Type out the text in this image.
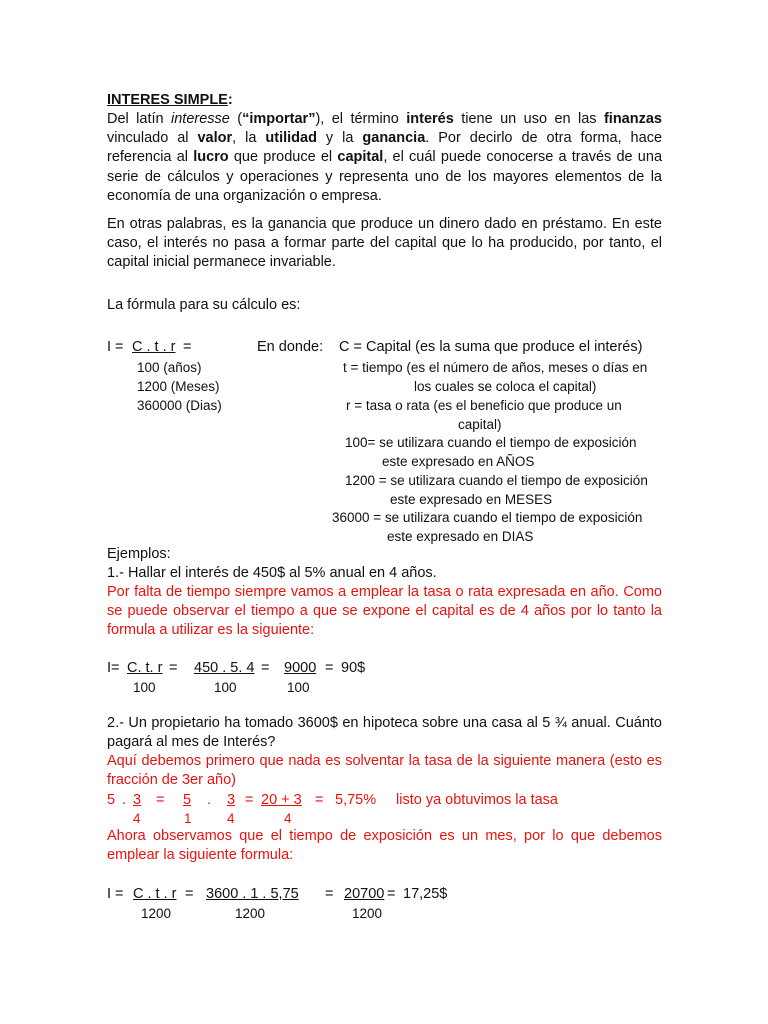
INTERES SIMPLE:
Del latín interesse (“importar”), el término interés tiene un uso en las finanzas vinculado al valor, la utilidad y la ganancia. Por decirlo de otra forma, hace referencia al lucro que produce el capital, el cuál puede conocerse a través de una serie de cálculos y operaciones y representa uno de los mayores elementos de la economía de una organización o empresa.
En otras palabras, es la ganancia que produce un dinero dado en préstamo. En este caso, el interés no pasa a formar parte del capital que lo ha producido, por tanto, el capital inicial permanece invariable.
La fórmula para su cálculo es:
I = C . t . r =
100 (años)
1200 (Meses)
360000 (Dias)
En donde: C = Capital (es la suma que produce el interés)
t = tiempo (es el número de años, meses o días en
los cuales se coloca el capital)
r = tasa o rata (es el beneficio que produce un
capital)
100= se utilizara cuando el tiempo de exposición
este expresado en AÑOS
1200 = se utilizara cuando el tiempo de exposición
este expresado en MESES
36000 = se utilizara cuando el tiempo de exposición
este expresado en DIAS
Ejemplos:
1.- Hallar el interés de 450$ al 5% anual en 4 años.
Por falta de tiempo siempre vamos a emplear la tasa o rata expresada en año. Como se puede observar el tiempo a que se expone el capital es de 4 años por lo tanto la formula a utilizar es la siguiente:
I= C. t. r = 450 . 5. 4 = 9000 = 90$
100	100	100
2.- Un propietario ha tomado 3600$ en hipoteca sobre una casa al 5 ¾ anual. Cuánto pagará al mes de Interés?
Aquí debemos primero que nada es solventar la tasa de la siguiente manera (esto es fracción de 3er año)
5 . 3 = 5 . 3 = 20 + 3 = 5,75% listo ya obtuvimos la tasa
4	1	4	4
Ahora observamos que el tiempo de exposición es un mes, por lo que debemos emplear la siguiente formula:
I = C . t . r = 3600 . 1 . 5,75 = 20700 = 17,25$
1200	1200	1200
